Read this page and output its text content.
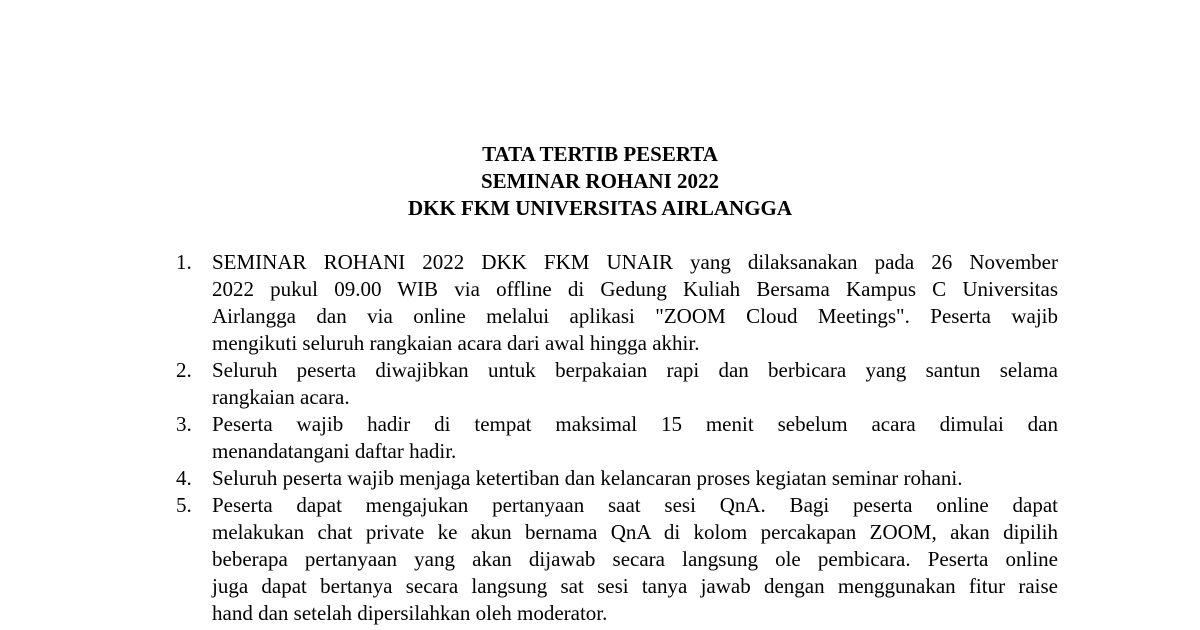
TATA TERTIB PESERTA
SEMINAR ROHANI 2022
DKK FKM UNIVERSITAS AIRLANGGA
1. SEMINAR ROHANI 2022 DKK FKM UNAIR yang dilaksanakan pada 26 November
2022 pukul 09.00 WIB via offline di Gedung Kuliah Bersama Kampus C Universitas
Airlangga dan via online melalui aplikasi "ZOOM Cloud Meetings". Peserta wajib
mengikuti seluruh rangkaian acara dari awal hingga akhir.
2. Seluruh peserta diwajibkan untuk berpakaian rapi dan berbicara yang santun selama
rangkaian acara.
3. Peserta wajib hadir di tempat maksimal 15 menit sebelum acara dimulai dan
menandatangani daftar hadir.
4. Seluruh peserta wajib menjaga ketertiban dan kelancaran proses kegiatan seminar rohani.
5. Peserta dapat mengajukan pertanyaan saat sesi QnA. Bagi peserta online dapat
melakukan chat private ke akun bernama QnA di kolom percakapan ZOOM, akan dipilih
beberapa pertanyaan yang akan dijawab secara langsung ole pembicara. Peserta online
juga dapat bertanya secara langsung sat sesi tanya jawab dengan menggunakan fitur raise
hand dan setelah dipersilahkan oleh moderator.
